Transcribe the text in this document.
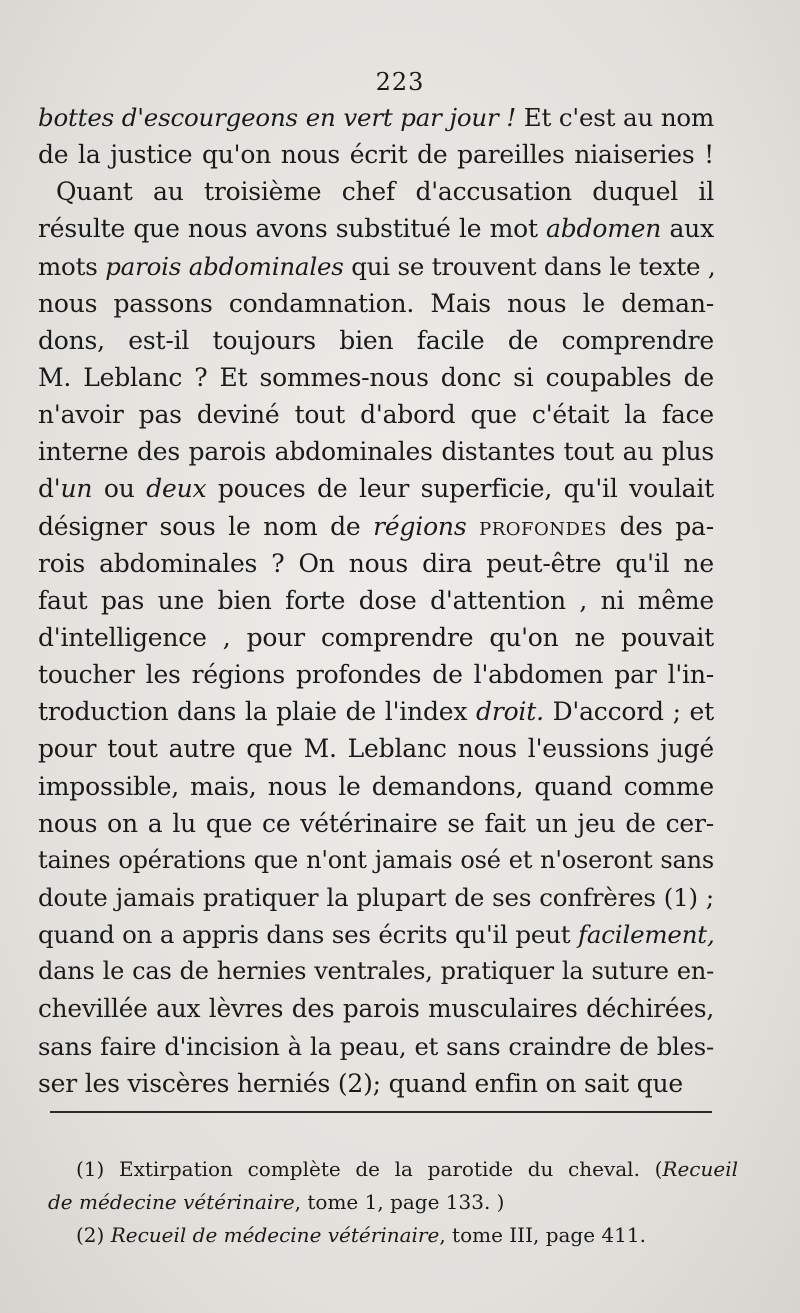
223
bottes d'escourgeons en vert par jour ! Et c'est au nom
de la justice qu'on nous écrit de pareilles niaiseries !
Quant au troisième chef d'accusation duquel il
résulte que nous avons substitué le mot abdomen aux
mots parois abdominales qui se trouvent dans le texte ,
nous passons condamnation. Mais nous le deman-
dons, est-il toujours bien facile de comprendre
M. Leblanc ? Et sommes-nous donc si coupables de
n'avoir pas deviné tout d'abord que c'était la face
interne des parois abdominales distantes tout au plus
d'un ou deux pouces de leur superficie, qu'il voulait
désigner sous le nom de régions profondes des pa-
rois abdominales ? On nous dira peut-être qu'il ne
faut pas une bien forte dose d'attention , ni même
d'intelligence , pour comprendre qu'on ne pouvait
toucher les régions profondes de l'abdomen par l'in-
troduction dans la plaie de l'index droit. D'accord ; et
pour tout autre que M. Leblanc nous l'eussions jugé
impossible, mais, nous le demandons, quand comme
nous on a lu que ce vétérinaire se fait un jeu de cer-
taines opérations que n'ont jamais osé et n'oseront sans
doute jamais pratiquer la plupart de ses confrères (1) ;
quand on a appris dans ses écrits qu'il peut facilement,
dans le cas de hernies ventrales, pratiquer la suture en-
chevillée aux lèvres des parois musculaires déchirées,
sans faire d'incision à la peau, et sans craindre de bles-
ser les viscères herniés (2); quand enfin on sait que
(1) Extirpation complète de la parotide du cheval. (Recueil
de médecine vétérinaire, tome 1, page 133. )
(2) Recueil de médecine vétérinaire, tome III, page 411.
